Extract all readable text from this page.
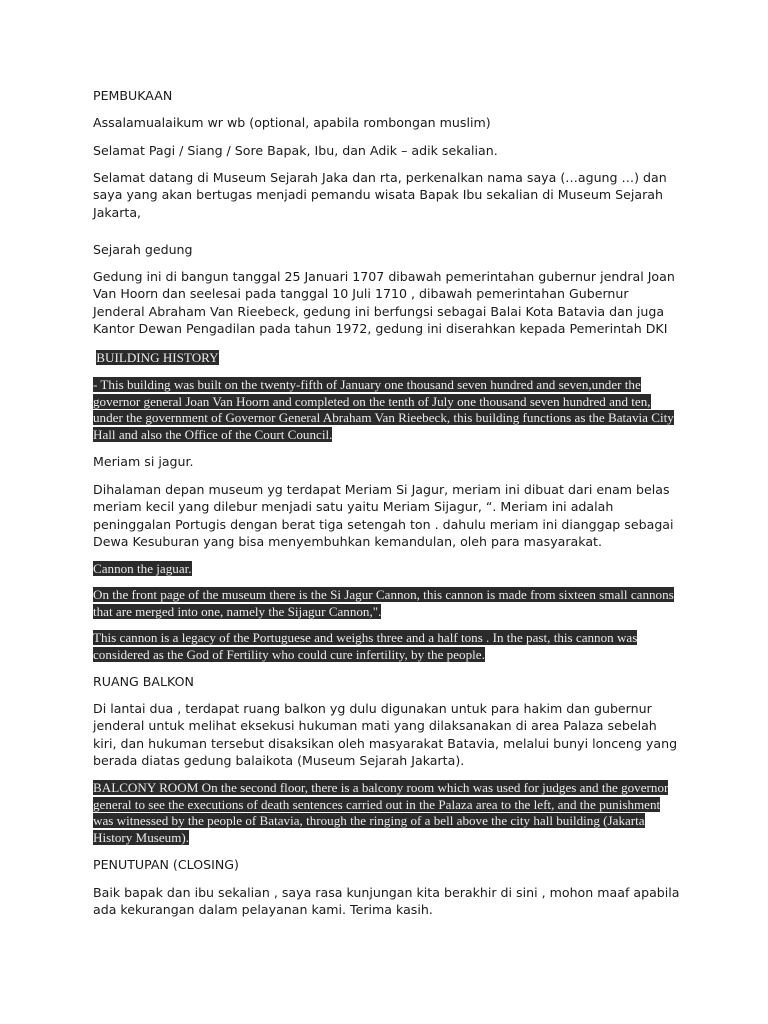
PEMBUKAAN

Assalamualaikum wr wb (optional, apabila rombongan muslim)

Selamat Pagi / Siang / Sore Bapak, Ibu, dan Adik – adik sekalian.

Selamat datang di Museum Sejarah Jaka dan rta, perkenalkan nama saya (…agung …) dan saya yang akan bertugas menjadi pemandu wisata Bapak Ibu sekalian di Museum Sejarah Jakarta,

Sejarah gedung

Gedung ini di bangun tanggal 25 Januari 1707 dibawah pemerintahan gubernur jendral Joan Van Hoorn dan seelesai pada tanggal 10 Juli 1710 , dibawah pemerintahan Gubernur Jenderal Abraham Van Rieebeck, gedung ini berfungsi sebagai Balai Kota Batavia dan juga Kantor Dewan Pengadilan pada tahun 1972, gedung ini diserahkan kepada Pemerintah DKI

.BUILDING HISTORY

- This building was built on the twenty-fifth of January one thousand seven hundred and seven,under the governor general Joan Van Hoorn and completed on the tenth of July one thousand seven hundred and ten, under the government of Governor General Abraham Van Rieebeck, this building functions as the Batavia City Hall and also the Office of the Court Council.

Meriam si jagur.

Dihalaman depan museum yg terdapat Meriam Si Jagur, meriam ini dibuat dari enam belas meriam kecil yang dilebur menjadi satu yaitu Meriam Sijagur, “. Meriam ini adalah peninggalan Portugis dengan berat tiga setengah ton . dahulu meriam ini dianggap sebagai Dewa Kesuburan yang bisa menyembuhkan kemandulan, oleh para masyarakat.

Cannon the jaguar.

On the front page of the museum there is the Si Jagur Cannon, this cannon is made from sixteen small cannons that are merged into one, namely the Sijagur Cannon,".

This cannon is a legacy of the Portuguese and weighs three and a half tons . In the past, this cannon was considered as the God of Fertility who could cure infertility, by the people.

RUANG BALKON

Di lantai dua , terdapat ruang balkon yg dulu digunakan untuk para hakim dan gubernur jenderal untuk melihat eksekusi hukuman mati yang dilaksanakan di area Palaza sebelah kiri, dan hukuman tersebut disaksikan oleh masyarakat Batavia, melalui bunyi lonceng yang berada diatas gedung balaikota (Museum Sejarah Jakarta).

BALCONY ROOM On the second floor, there is a balcony room which was used for judges and the governor general to see the executions of death sentences carried out in the Palaza area to the left, and the punishment was witnessed by the people of Batavia, through the ringing of a bell above the city hall building (Jakarta History Museum).

PENUTUPAN (CLOSING)

Baik bapak dan ibu sekalian , saya rasa kunjungan kita berakhir di sini , mohon maaf apabila ada kekurangan dalam pelayanan kami. Terima kasih.
